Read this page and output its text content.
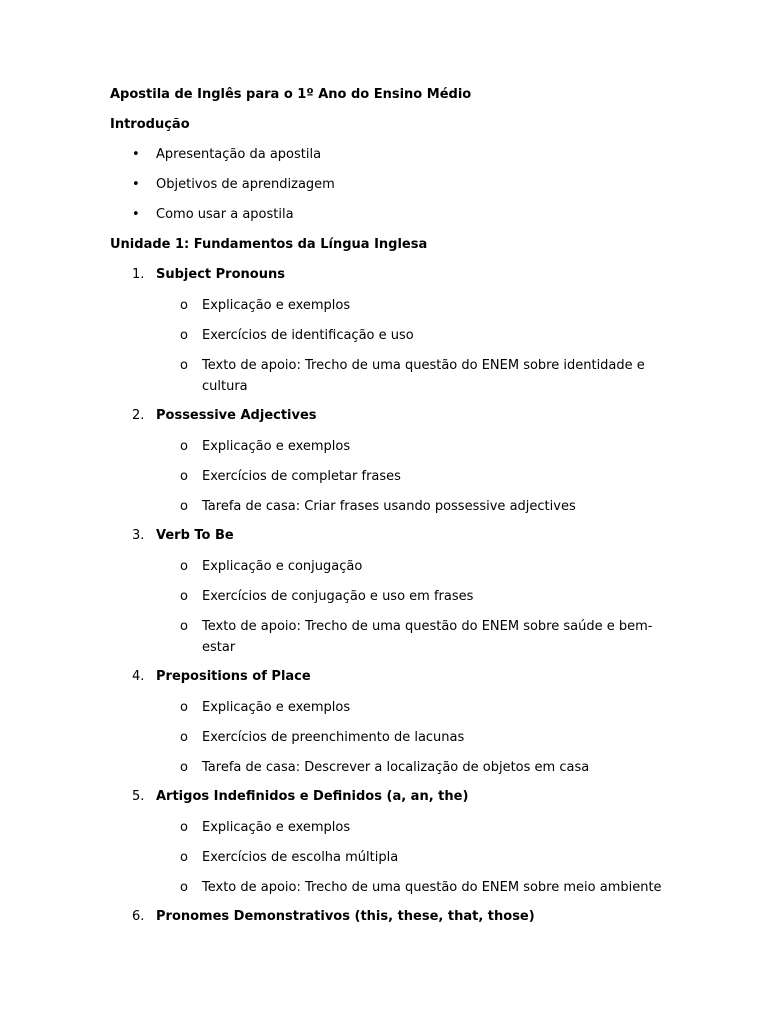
Apostila de Inglês para o 1º Ano do Ensino Médio
Introdução
• Apresentação da apostila
• Objetivos de aprendizagem
• Como usar a apostila
Unidade 1: Fundamentos da Língua Inglesa
1. Subject Pronouns
o Explicação e exemplos
o Exercícios de identificação e uso
o Texto de apoio: Trecho de uma questão do ENEM sobre identidade e cultura
2. Possessive Adjectives
o Explicação e exemplos
o Exercícios de completar frases
o Tarefa de casa: Criar frases usando possessive adjectives
3. Verb To Be
o Explicação e conjugação
o Exercícios de conjugação e uso em frases
o Texto de apoio: Trecho de uma questão do ENEM sobre saúde e bem-estar
4. Prepositions of Place
o Explicação e exemplos
o Exercícios de preenchimento de lacunas
o Tarefa de casa: Descrever a localização de objetos em casa
5. Artigos Indefinidos e Definidos (a, an, the)
o Explicação e exemplos
o Exercícios de escolha múltipla
o Texto de apoio: Trecho de uma questão do ENEM sobre meio ambiente
6. Pronomes Demonstrativos (this, these, that, those)
